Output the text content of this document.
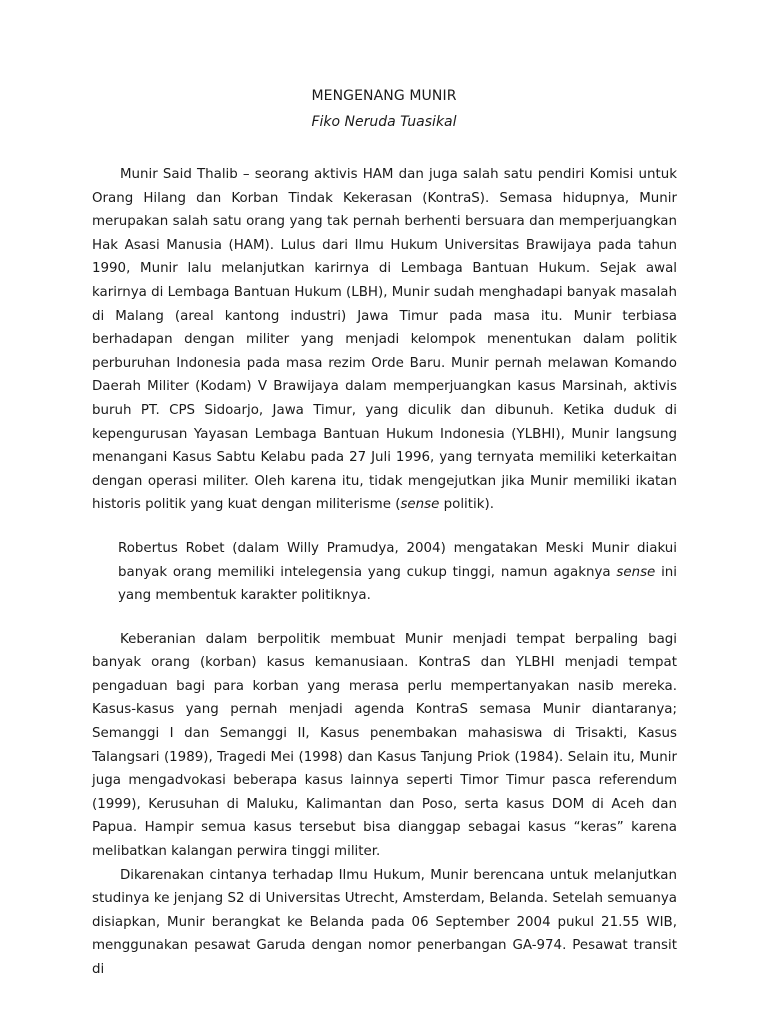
MENGENANG MUNIR
Fiko Neruda Tuasikal

Munir Said Thalib – seorang aktivis HAM dan juga salah satu pendiri Komisi untuk Orang Hilang dan Korban Tindak Kekerasan (KontraS). Semasa hidupnya, Munir merupakan salah satu orang yang tak pernah berhenti bersuara dan memperjuangkan Hak Asasi Manusia (HAM). Lulus dari Ilmu Hukum Universitas Brawijaya pada tahun 1990, Munir lalu melanjutkan karirnya di Lembaga Bantuan Hukum. Sejak awal karirnya di Lembaga Bantuan Hukum (LBH), Munir sudah menghadapi banyak masalah di Malang (areal kantong industri) Jawa Timur pada masa itu. Munir terbiasa berhadapan dengan militer yang menjadi kelompok menentukan dalam politik perburuhan Indonesia pada masa rezim Orde Baru. Munir pernah melawan Komando Daerah Militer (Kodam) V Brawijaya dalam memperjuangkan kasus Marsinah, aktivis buruh PT. CPS Sidoarjo, Jawa Timur, yang diculik dan dibunuh. Ketika duduk di kepengurusan Yayasan Lembaga Bantuan Hukum Indonesia (YLBHI), Munir langsung menangani Kasus Sabtu Kelabu pada 27 Juli 1996, yang ternyata memiliki keterkaitan dengan operasi militer. Oleh karena itu, tidak mengejutkan jika Munir memiliki ikatan historis politik yang kuat dengan militerisme (sense politik).

Robertus Robet (dalam Willy Pramudya, 2004) mengatakan Meski Munir diakui banyak orang memiliki intelegensia yang cukup tinggi, namun agaknya sense ini yang membentuk karakter politiknya.

Keberanian dalam berpolitik membuat Munir menjadi tempat berpaling bagi banyak orang (korban) kasus kemanusiaan. KontraS dan YLBHI menjadi tempat pengaduan bagi para korban yang merasa perlu mempertanyakan nasib mereka. Kasus-kasus yang pernah menjadi agenda KontraS semasa Munir diantaranya; Semanggi I dan Semanggi II, Kasus penembakan mahasiswa di Trisakti, Kasus Talangsari (1989), Tragedi Mei (1998) dan Kasus Tanjung Priok (1984). Selain itu, Munir juga mengadvokasi beberapa kasus lainnya seperti Timor Timur pasca referendum (1999), Kerusuhan di Maluku, Kalimantan dan Poso, serta kasus DOM di Aceh dan Papua. Hampir semua kasus tersebut bisa dianggap sebagai kasus “keras” karena melibatkan kalangan perwira tinggi militer.

Dikarenakan cintanya terhadap Ilmu Hukum, Munir berencana untuk melanjutkan studinya ke jenjang S2 di Universitas Utrecht, Amsterdam, Belanda. Setelah semuanya disiapkan, Munir berangkat ke Belanda pada 06 September 2004 pukul 21.55 WIB, menggunakan pesawat Garuda dengan nomor penerbangan GA-974. Pesawat transit di
